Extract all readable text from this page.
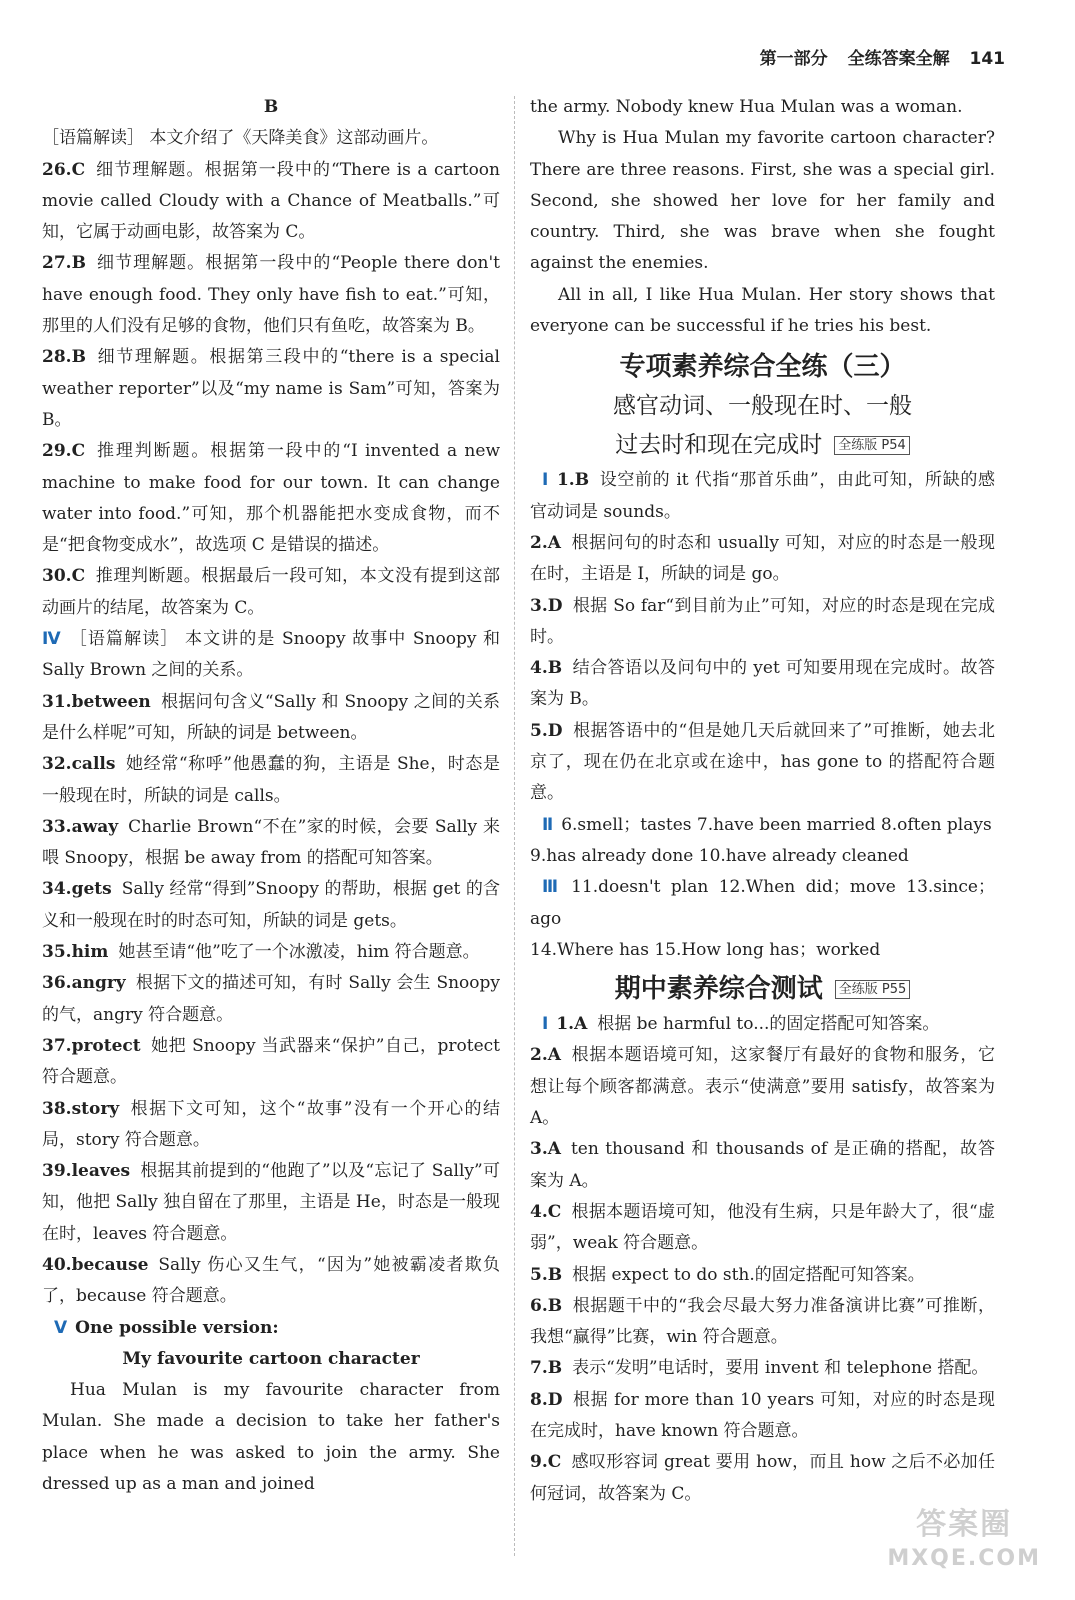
第一部分 全练答案全解 141

B

［语篇解读］ 本文介绍了《天降美食》这部动画片。

26.C 细节理解题。根据第一段中的“There is a cartoon movie called Cloudy with a Chance of Meatballs.”可知，它属于动画电影，故答案为 C。

27.B 细节理解题。根据第一段中的“People there don't have enough food. They only have fish to eat.”可知，那里的人们没有足够的食物，他们只有鱼吃，故答案为 B。

28.B 细节理解题。根据第三段中的“there is a special weather reporter”以及“my name is Sam”可知，答案为 B。

29.C 推理判断题。根据第一段中的“I invented a new machine to make food for our town. It can change water into food.”可知，那个机器能把水变成食物，而不是“把食物变成水”，故选项 C 是错误的描述。

30.C 推理判断题。根据最后一段可知，本文没有提到这部动画片的结尾，故答案为 C。

Ⅳ ［语篇解读］ 本文讲的是 Snoopy 故事中 Snoopy 和 Sally Brown 之间的关系。

31.between 根据问句含义“Sally 和 Snoopy 之间的关系是什么样呢”可知，所缺的词是 between。

32.calls 她经常“称呼”他愚蠢的狗，主语是 She，时态是一般现在时，所缺的词是 calls。

33.away Charlie Brown“不在”家的时候，会要 Sally 来喂 Snoopy，根据 be away from 的搭配可知答案。

34.gets Sally 经常“得到”Snoopy 的帮助，根据 get 的含义和一般现在时的时态可知，所缺的词是 gets。

35.him 她甚至请“他”吃了一个冰激凌，him 符合题意。

36.angry 根据下文的描述可知，有时 Sally 会生 Snoopy 的气，angry 符合题意。

37.protect 她把 Snoopy 当武器来“保护”自己，protect 符合题意。

38.story 根据下文可知，这个“故事”没有一个开心的结局，story 符合题意。

39.leaves 根据其前提到的“他跑了”以及“忘记了 Sally”可知，他把 Sally 独自留在了那里，主语是 He，时态是一般现在时，leaves 符合题意。

40.because Sally 伤心又生气，“因为”她被霸凌者欺负了，because 符合题意。

Ⅴ One possible version:

My favourite cartoon character

Hua Mulan is my favourite character from Mulan. She made a decision to take her father's place when he was asked to join the army. She dressed up as a man and joined

the army. Nobody knew Hua Mulan was a woman.

Why is Hua Mulan my favorite cartoon character? There are three reasons. First, she was a special girl. Second, she showed her love for her family and country. Third, she was brave when she fought against the enemies.

All in all, I like Hua Mulan. Her story shows that everyone can be successful if he tries his best.

专项素养综合全练（三）
感官动词、一般现在时、一般
过去时和现在完成时 全练版 P54

Ⅰ 1.B 设空前的 it 代指“那首乐曲”，由此可知，所缺的感官动词是 sounds。

2.A 根据问句的时态和 usually 可知，对应的时态是一般现在时，主语是 I，所缺的词是 go。

3.D 根据 So far“到目前为止”可知，对应的时态是现在完成时。

4.B 结合答语以及问句中的 yet 可知要用现在完成时。故答案为 B。

5.D 根据答语中的“但是她几天后就回来了”可推断，她去北京了，现在仍在北京或在途中，has gone to 的搭配符合题意。

Ⅱ 6.smell；tastes 7.have been married 8.often plays

9.has already done 10.have already cleaned

Ⅲ 11.doesn't plan 12.When did；move 13.since；ago

14.Where has 15.How long has；worked

期中素养综合测试 全练版 P55

Ⅰ 1.A 根据 be harmful to...的固定搭配可知答案。

2.A 根据本题语境可知，这家餐厅有最好的食物和服务，它想让每个顾客都满意。表示“使满意”要用 satisfy，故答案为 A。

3.A ten thousand 和 thousands of 是正确的搭配，故答案为 A。

4.C 根据本题语境可知，他没有生病，只是年龄大了，很“虚弱”，weak 符合题意。

5.B 根据 expect to do sth.的固定搭配可知答案。

6.B 根据题干中的“我会尽最大努力准备演讲比赛”可推断，我想“赢得”比赛，win 符合题意。

7.B 表示“发明”电话时，要用 invent 和 telephone 搭配。

8.D 根据 for more than 10 years 可知，对应的时态是现在完成时，have known 符合题意。

9.C 感叹形容词 great 要用 how，而且 how 之后不必加任何冠词，故答案为 C。

答案圈
MXQE.COM
